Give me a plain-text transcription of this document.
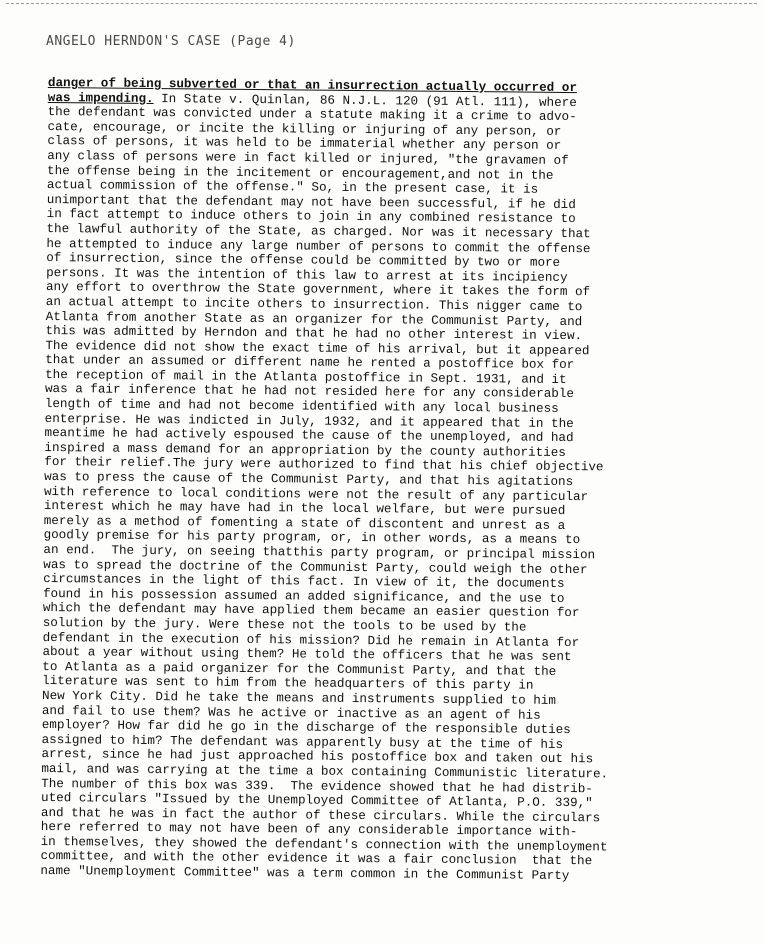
ANGELO HERNDON'S CASE (Page 4)
danger of being subverted or that an insurrection actually occurred or
was impending. In State v. Quinlan, 86 N.J.L. 120 (91 Atl. 111), where
the defendant was convicted under a statute making it a crime to advo-
cate, encourage, or incite the killing or injuring of any person, or
class of persons, it was held to be immaterial whether any person or
any class of persons were in fact killed or injured, "the gravamen of
the offense being in the incitement or encouragement,and not in the
actual commission of the offense." So, in the present case, it is
unimportant that the defendant may not have been successful, if he did
in fact attempt to induce others to join in any combined resistance to
the lawful authority of the State, as charged. Nor was it necessary that
he attempted to induce any large number of persons to commit the offense
of insurrection, since the offense could be committed by two or more
persons. It was the intention of this law to arrest at its incipiency
any effort to overthrow the State government, where it takes the form of
an actual attempt to incite others to insurrection. This nigger came to
Atlanta from another State as an organizer for the Communist Party, and
this was admitted by Herndon and that he had no other interest in view.
The evidence did not show the exact time of his arrival, but it appeared
that under an assumed or different name he rented a postoffice box for
the reception of mail in the Atlanta postoffice in Sept. 1931, and it
was a fair inference that he had not resided here for any considerable
length of time and had not become identified with any local business
enterprise. He was indicted in July, 1932, and it appeared that in the
meantime he had actively espoused the cause of the unemployed, and had
inspired a mass demand for an appropriation by the county authorities
for their relief.The jury were authorized to find that his chief objective
was to press the cause of the Communist Party, and that his agitations
with reference to local conditions were not the result of any particular
interest which he may have had in the local welfare, but were pursued
merely as a method of fomenting a state of discontent and unrest as a
goodly premise for his party program, or, in other words, as a means to
an end.  The jury, on seeing thatthis party program, or principal mission
was to spread the doctrine of the Communist Party, could weigh the other
circumstances in the light of this fact. In view of it, the documents
found in his possession assumed an added significance, and the use to
which the defendant may have applied them became an easier question for
solution by the jury. Were these not the tools to be used by the
defendant in the execution of his mission? Did he remain in Atlanta for
about a year without using them? He told the officers that he was sent
to Atlanta as a paid organizer for the Communist Party, and that the
literature was sent to him from the headquarters of this party in
New York City. Did he take the means and instruments supplied to him
and fail to use them? Was he active or inactive as an agent of his
employer? How far did he go in the discharge of the responsible duties
assigned to him? The defendant was apparently busy at the time of his
arrest, since he had just approached his postoffice box and taken out his
mail, and was carrying at the time a box containing Communistic literature.
The number of this box was 339.  The evidence showed that he had distrib-
uted circulars "Issued by the Unemployed Committee of Atlanta, P.O. 339,"
and that he was in fact the author of these circulars. While the circulars
here referred to may not have been of any considerable importance with-
in themselves, they showed the defendant's connection with the unemployment
committee, and with the other evidence it was a fair conclusion  that the
name "Unemployment Committee" was a term common in the Communist Party
